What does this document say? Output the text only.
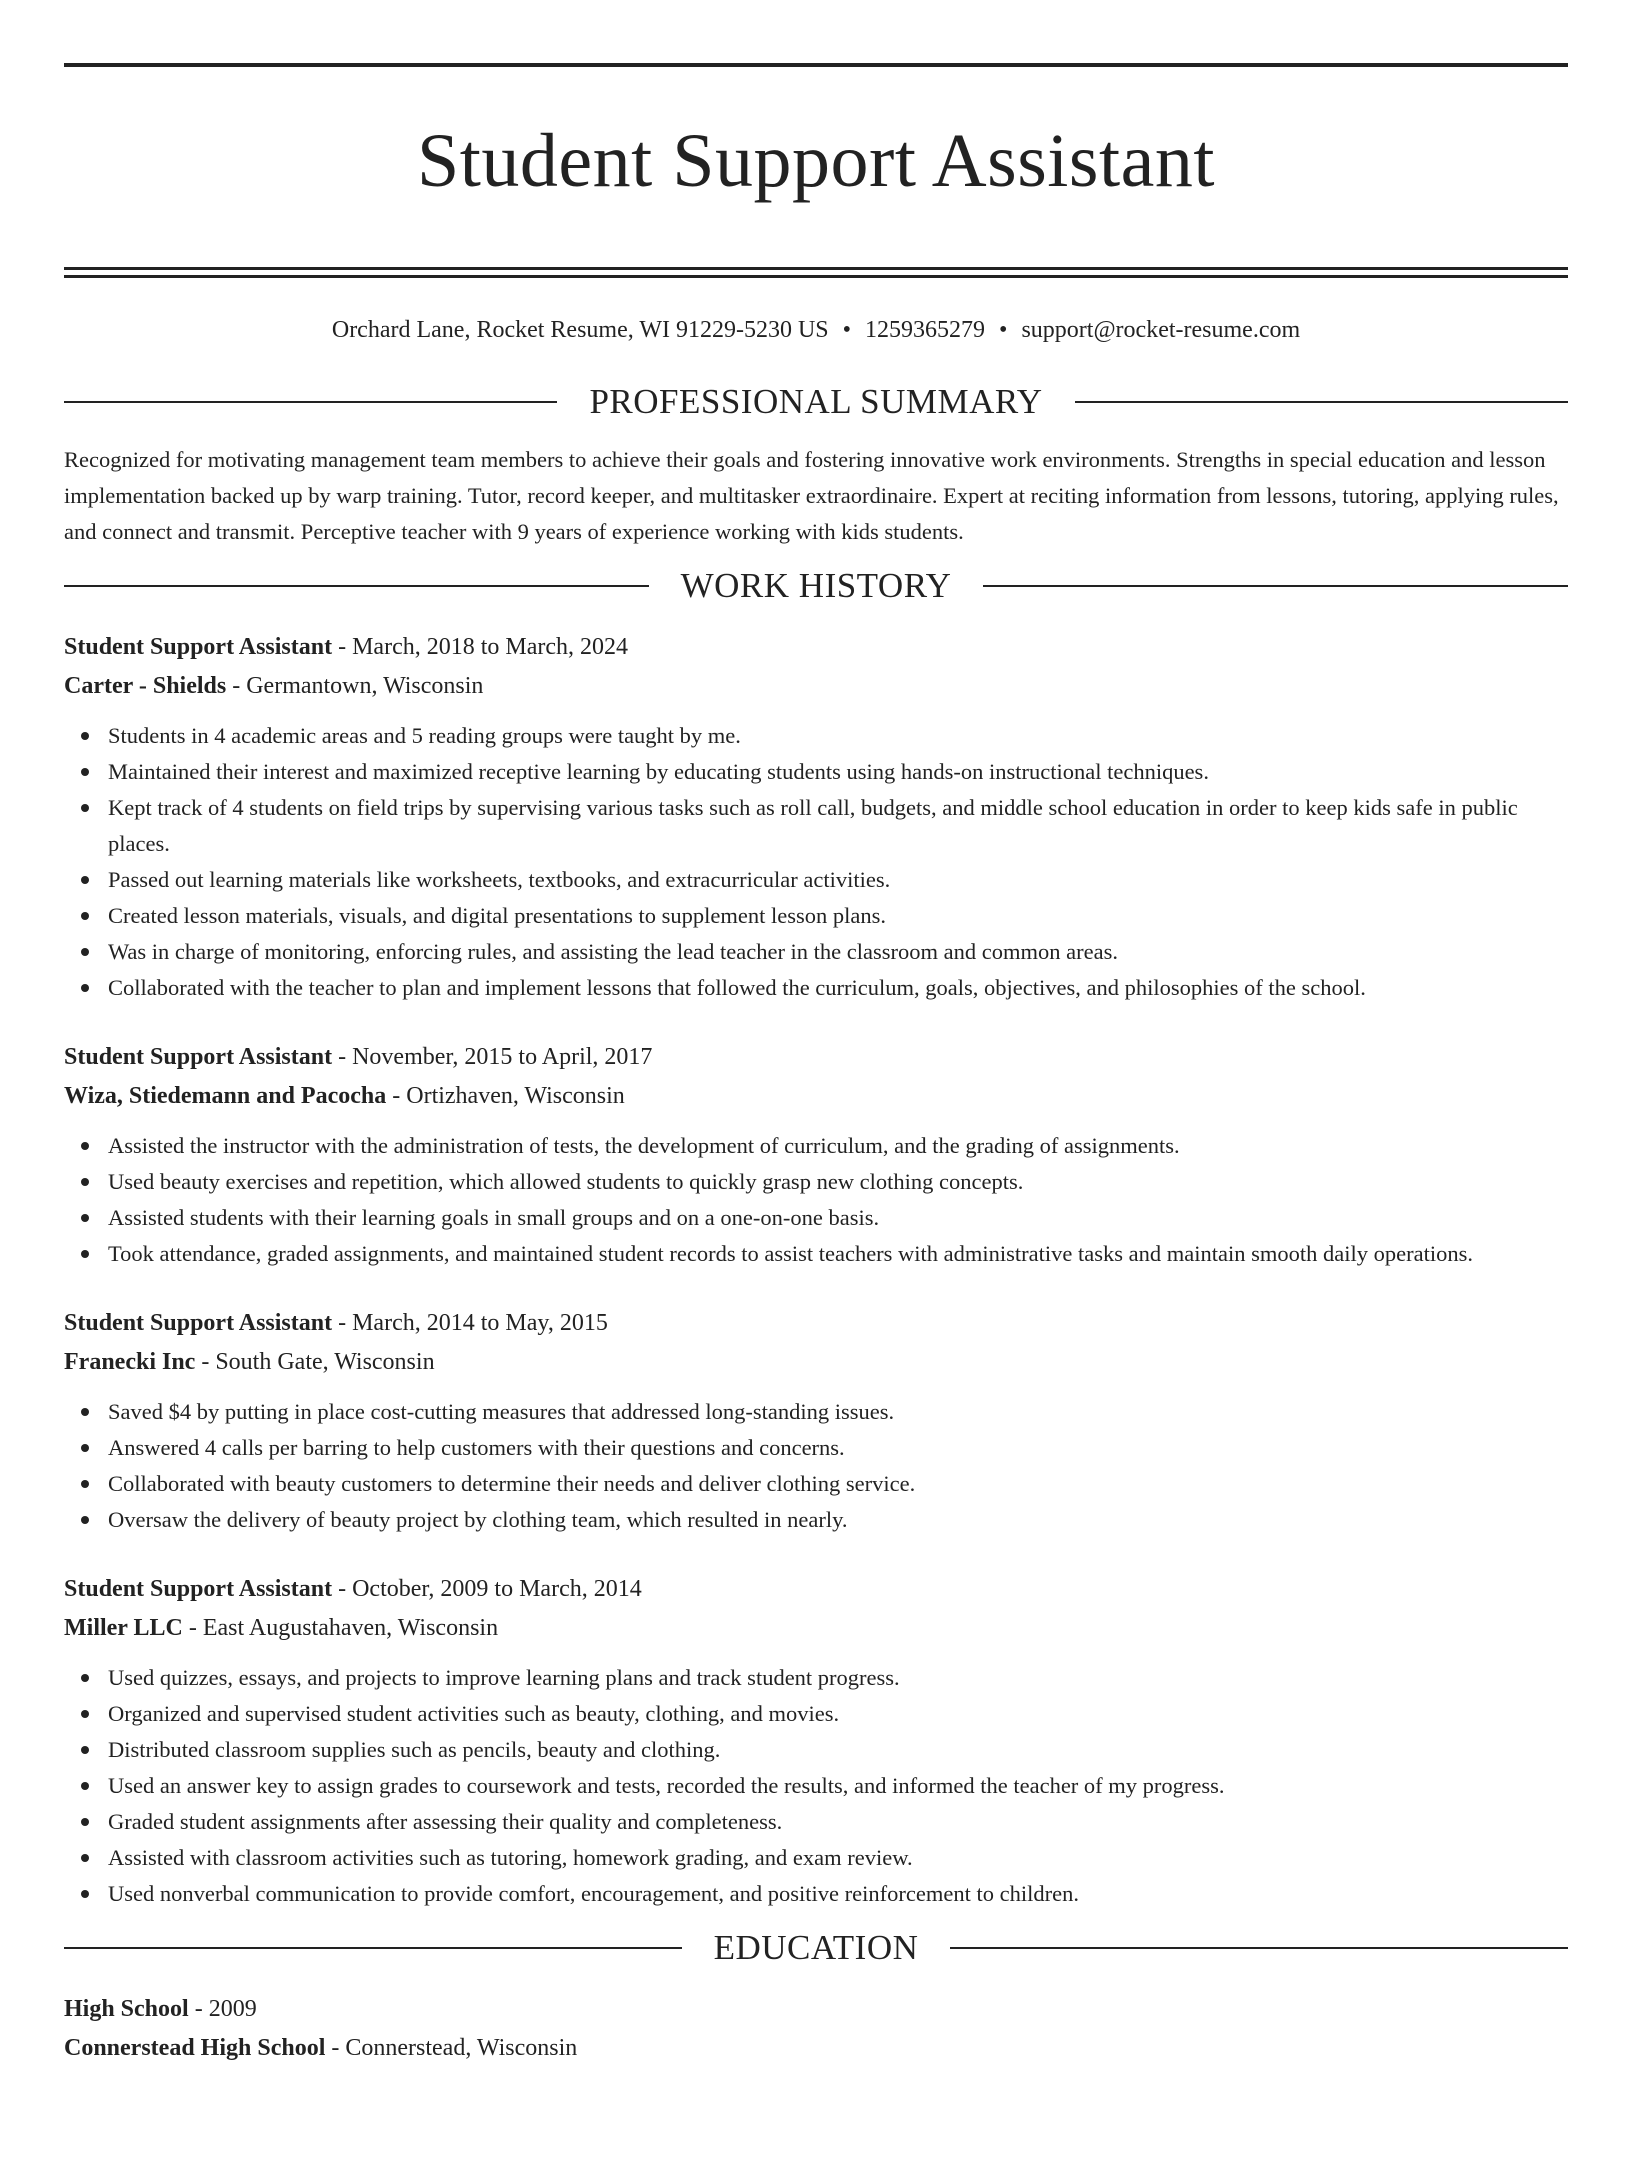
Student Support Assistant
Orchard Lane, Rocket Resume, WI 91229-5230 US • 1259365279 • support@rocket-resume.com
PROFESSIONAL SUMMARY

Recognized for motivating management team members to achieve their goals and fostering innovative work environments. Strengths in special education and lesson implementation backed up by warp training. Tutor, record keeper, and multitasker extraordinaire. Expert at reciting information from lessons, tutoring, applying rules, and connect and transmit. Perceptive teacher with 9 years of experience working with kids students.

WORK HISTORY
Student Support Assistant - March, 2018 to March, 2024
Carter - Shields - Germantown, Wisconsin
Students in 4 academic areas and 5 reading groups were taught by me.
Maintained their interest and maximized receptive learning by educating students using hands-on instructional techniques.
Kept track of 4 students on field trips by supervising various tasks such as roll call, budgets, and middle school education in order to keep kids safe in public places.
Passed out learning materials like worksheets, textbooks, and extracurricular activities.
Created lesson materials, visuals, and digital presentations to supplement lesson plans.
Was in charge of monitoring, enforcing rules, and assisting the lead teacher in the classroom and common areas.
Collaborated with the teacher to plan and implement lessons that followed the curriculum, goals, objectives, and philosophies of the school.
Student Support Assistant - November, 2015 to April, 2017
Wiza, Stiedemann and Pacocha - Ortizhaven, Wisconsin
Assisted the instructor with the administration of tests, the development of curriculum, and the grading of assignments.
Used beauty exercises and repetition, which allowed students to quickly grasp new clothing concepts.
Assisted students with their learning goals in small groups and on a one-on-one basis.
Took attendance, graded assignments, and maintained student records to assist teachers with administrative tasks and maintain smooth daily operations.
Student Support Assistant - March, 2014 to May, 2015
Franecki Inc - South Gate, Wisconsin
Saved $4 by putting in place cost-cutting measures that addressed long-standing issues.
Answered 4 calls per barring to help customers with their questions and concerns.
Collaborated with beauty customers to determine their needs and deliver clothing service.
Oversaw the delivery of beauty project by clothing team, which resulted in nearly.
Student Support Assistant - October, 2009 to March, 2014
Miller LLC - East Augustahaven, Wisconsin
Used quizzes, essays, and projects to improve learning plans and track student progress.
Organized and supervised student activities such as beauty, clothing, and movies.
Distributed classroom supplies such as pencils, beauty and clothing.
Used an answer key to assign grades to coursework and tests, recorded the results, and informed the teacher of my progress.
Graded student assignments after assessing their quality and completeness.
Assisted with classroom activities such as tutoring, homework grading, and exam review.
Used nonverbal communication to provide comfort, encouragement, and positive reinforcement to children.
EDUCATION
High School - 2009
Connerstead High School - Connerstead, Wisconsin
